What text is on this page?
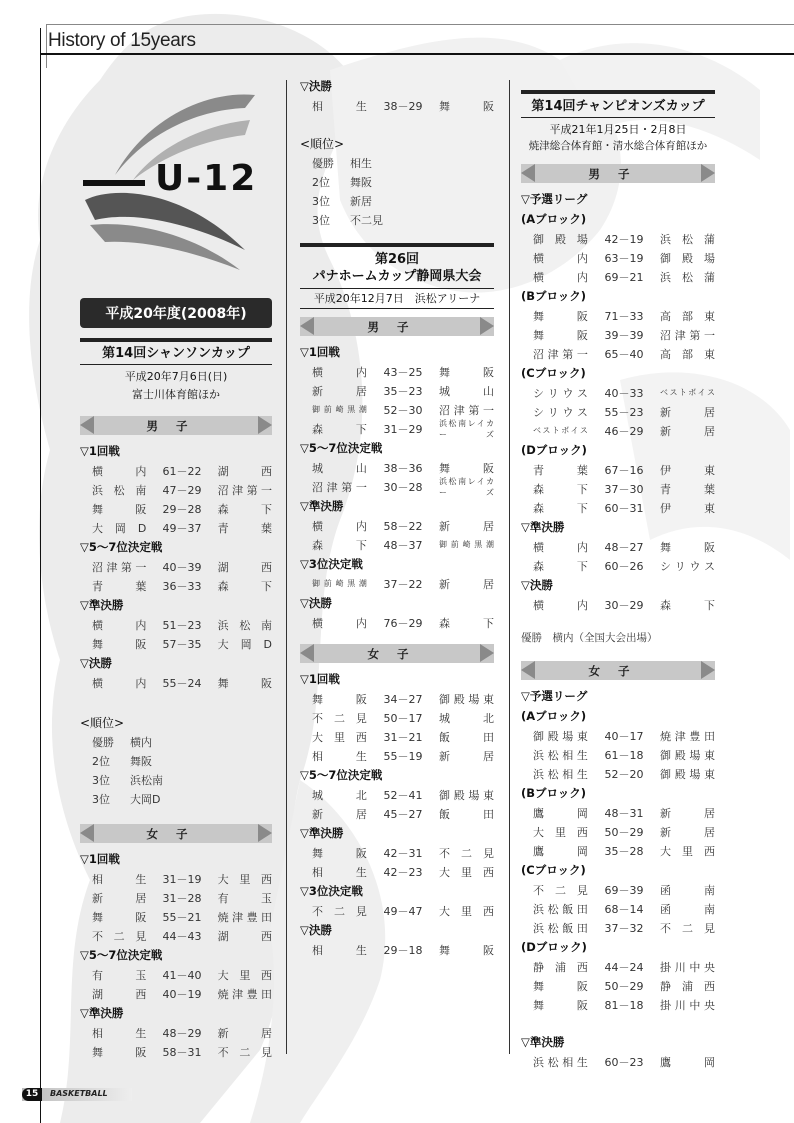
History of 15years
U-12
平成20年度(2008年)
第14回シャンソンカップ
平成20年7月6日(日)
富士川体育館ほか
男子
▽1回戦
横内	61－22	湖西
浜松南	47－29	沼津第一
舞阪	29－28	森下
大岡D	49－37	青葉
▽5～7位決定戦
沼津第一	40－39	湖西
青葉	36－33	森下
▽準決勝
横内	51－23	浜松南
舞阪	57－35	大岡D
▽決勝
横内	55－24	舞阪
<順位>
優勝	横内
2位	舞阪
3位	浜松南
3位	大岡D
女子
▽1回戦
相生	31－19	大里西
新居	31－28	有玉
舞阪	55－21	焼津豊田
不二見	44－43	湖西
▽5～7位決定戦
有玉	41－40	大里西
湖西	40－19	焼津豊田
▽準決勝
相生	48－29	新居
舞阪	58－31	不二見
▽決勝
相生	38－29	舞阪
<順位>
優勝	相生
2位	舞阪
3位	新居
3位	不二見
第26回
パナホームカップ静岡県大会
平成20年12月7日　浜松アリーナ
男子
▽1回戦
横内	43－25	舞阪
新居	35－23	城山
御前崎黒潮	52－30	沼津第一
森下	31－29	浜松南レイカーズ
▽5～7位決定戦
城山	38－36	舞阪
沼津第一	30－28	浜松南レイカーズ
▽準決勝
横内	58－22	新居
森下	48－37	御前崎黒潮
▽3位決定戦
御前崎黒潮	37－22	新居
▽決勝
横内	76－29	森下
女子
▽1回戦
舞阪	34－27	御殿場東
不二見	50－17	城北
大里西	31－21	飯田
相生	55－19	新居
▽5～7位決定戦
城北	52－41	御殿場東
新居	45－27	飯田
▽準決勝
舞阪	42－31	不二見
相生	42－23	大里西
▽3位決定戦
不二見	49－47	大里西
▽決勝
相生	29－18	舞阪
第14回チャンピオンズカップ
平成21年1月25日・2月8日
焼津総合体育館・清水総合体育館ほか
男子
▽予選リーグ
(Aブロック)
御殿場	42－19	浜松蒲
横内	63－19	御殿場
横内	69－21	浜松蒲
(Bブロック)
舞阪	71－33	高部東
舞阪	39－39	沼津第一
沼津第一	65－40	高部東
(Cブロック)
シリウス	40－33	ベストボイス
シリウス	55－23	新居
ベストボイス	46－29	新居
(Dブロック)
青葉	67－16	伊東
森下	37－30	青葉
森下	60－31	伊東
▽準決勝
横内	48－27	舞阪
森下	60－26	シリウス
▽決勝
横内	30－29	森下
優勝　横内（全国大会出場）
女子
▽予選リーグ
(Aブロック)
御殿場東	40－17	焼津豊田
浜松相生	61－18	御殿場東
浜松相生	52－20	御殿場東
(Bブロック)
鷹岡	48－31	新居
大里西	50－29	新居
鷹岡	35－28	大里西
(Cブロック)
不二見	69－39	函南
浜松飯田	68－14	函南
浜松飯田	37－32	不二見
(Dブロック)
静浦西	44－24	掛川中央
舞阪	50－29	静浦西
舞阪	81－18	掛川中央
▽準決勝
浜松相生	60－23	鷹岡
15	BASKETBALL
